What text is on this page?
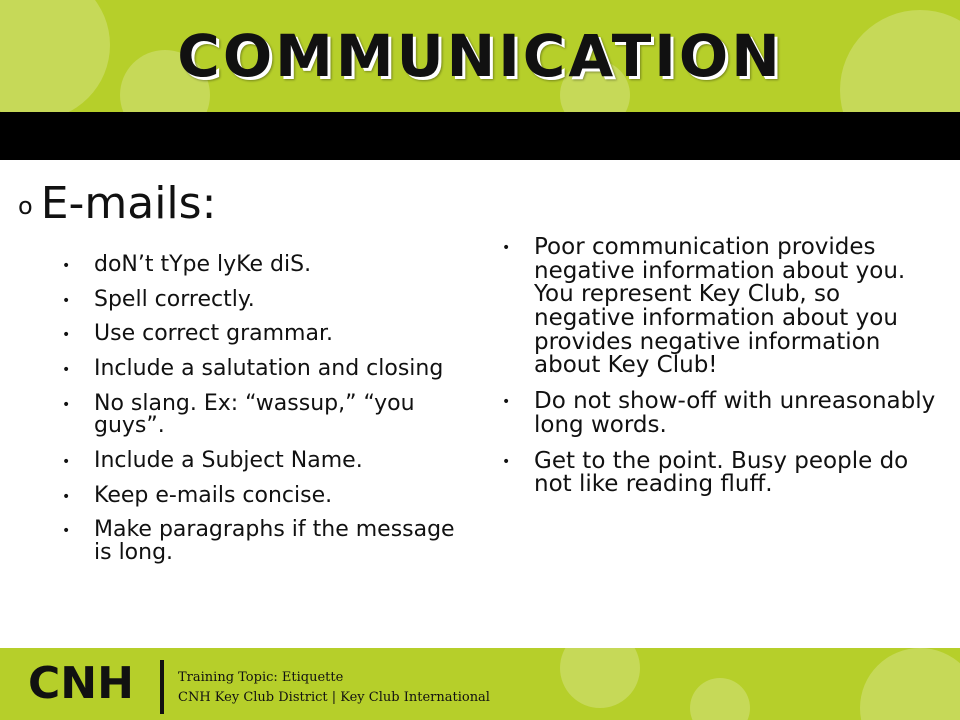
COMMUNICATION
o E-mails:
• doN’t tYpe lyKe diS.
• Spell correctly.
• Use correct grammar.
• Include a salutation and closing
• No slang. Ex: “wassup,” “you guys”.
• Include a Subject Name.
• Keep e-mails concise.
• Make paragraphs if the message is long.
• Poor communication provides negative information about you. You represent Key Club, so negative information about you provides negative information about Key Club!
• Do not show-off with unreasonably long words.
• Get to the point. Busy people do not like reading fluff.
CNH	Training Topic: Etiquette
CNH Key Club District | Key Club International
